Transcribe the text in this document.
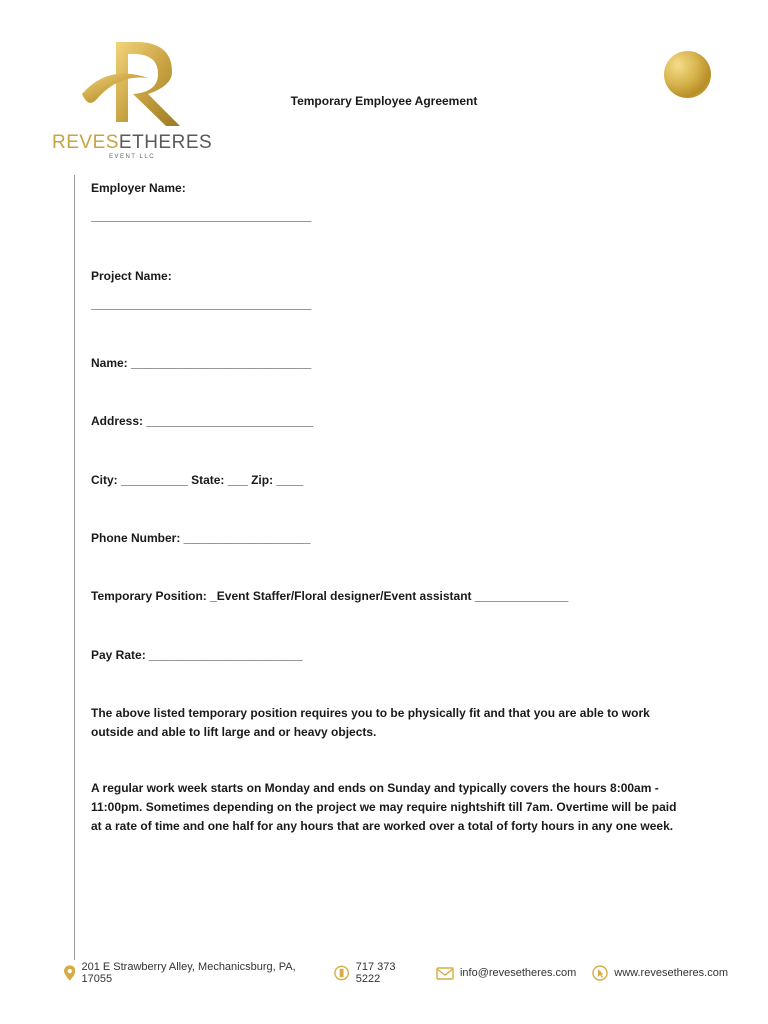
REVESETHERES
EVENT LLC
Temporary Employee Agreement
Employer Name:
_________________________________
Project Name:
_________________________________
Name: ___________________________
Address: _________________________
City: __________ State: ___ Zip: ____
Phone Number: ___________________
Temporary Position: _Event Staffer/Floral designer/Event assistant ______________
Pay Rate: _______________________
The above listed temporary position requires you to be physically fit and that you are able to work outside and able to lift large and or heavy objects.
A regular work week starts on Monday and ends on Sunday and typically covers the hours 8:00am - 11:00pm. Sometimes depending on the project we may require nightshift till 7am. Overtime will be paid at a rate of time and one half for any hours that are worked over a total of forty hours in any one week.
201 E Strawberry Alley, Mechanicsburg, PA, 17055
717 373 5222	info@revesetheres.com	www.revesetheres.com
